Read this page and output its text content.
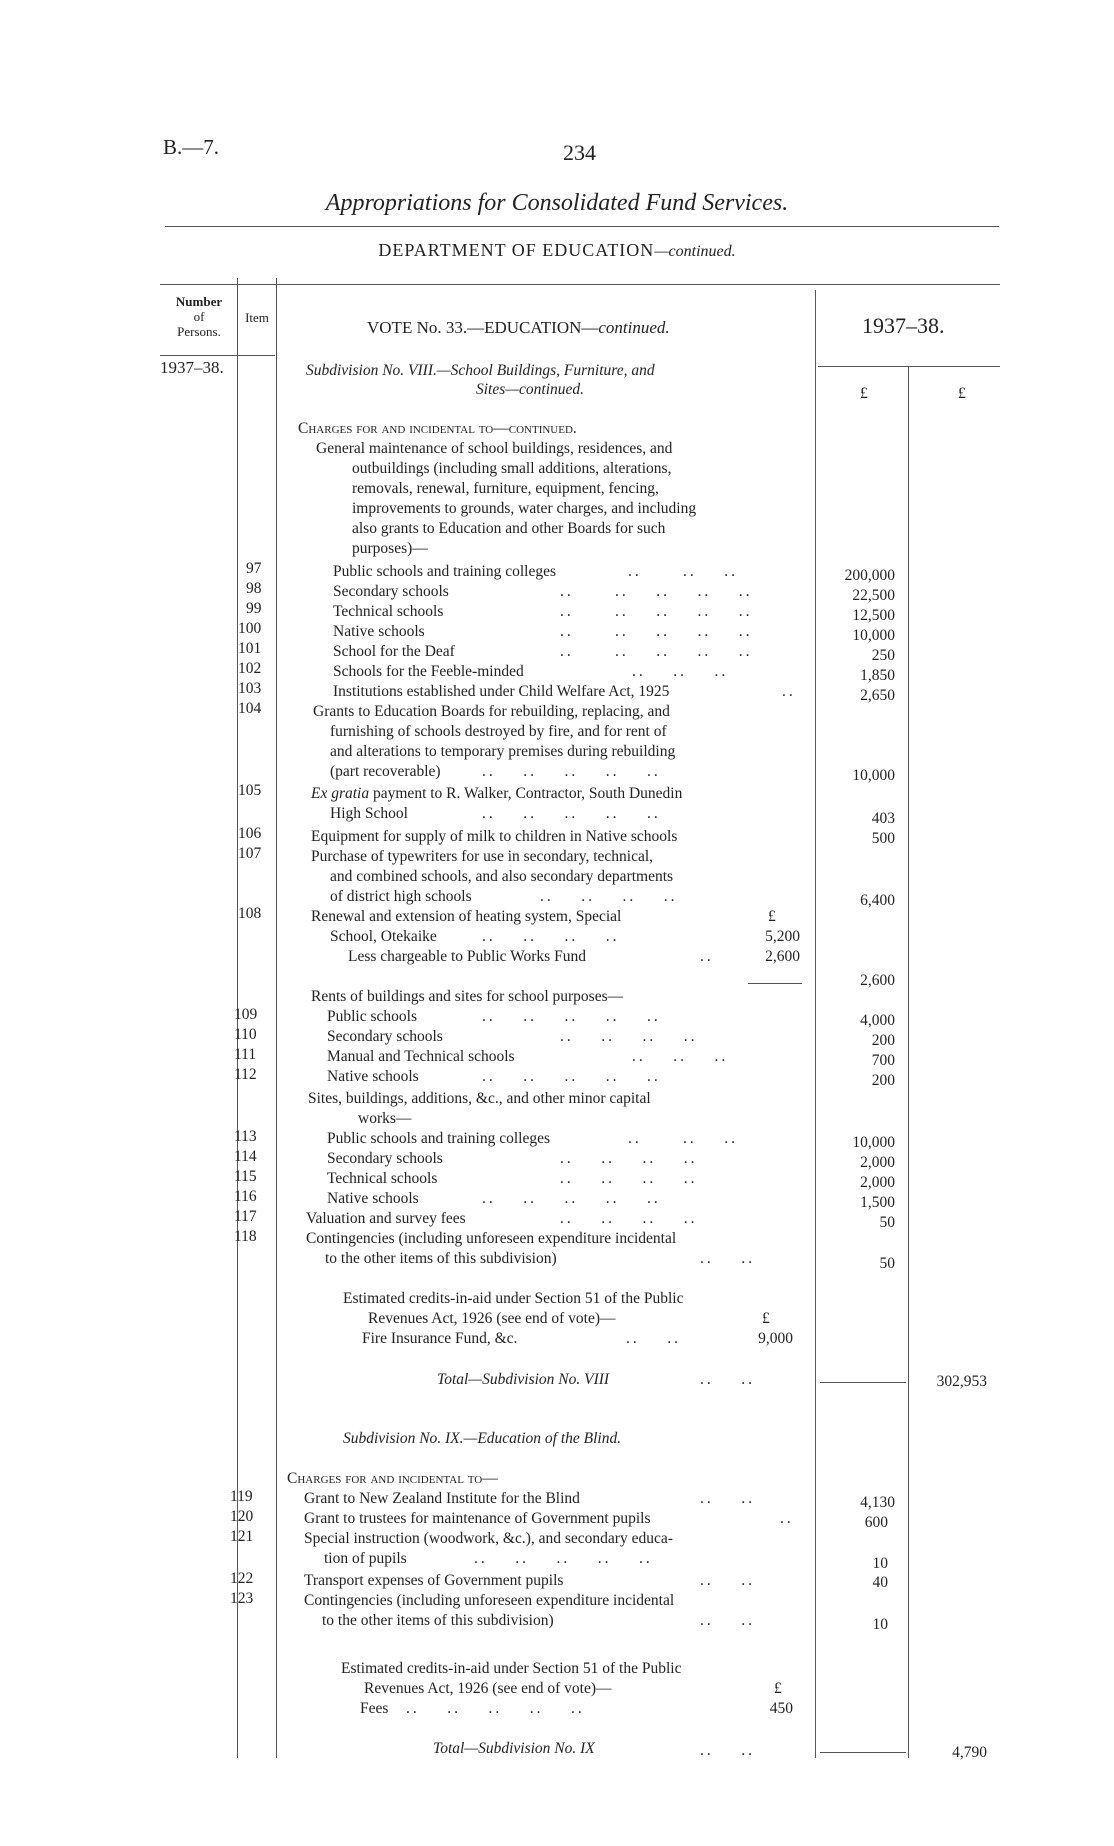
B.—7.	234
Appropriations for Consolidated Fund Services.
DEPARTMENT OF EDUCATION—continued.
Number
of
Persons.
Item
VOTE No. 33.—EDUCATION—continued.	1937–38.
1937–38.
£	£
Subdivision No. VIII.—School Buildings, Furniture, and
Sites—continued.
Charges for and incidental to—continued.
General maintenance of school buildings, residences, and
outbuildings (including small additions, alterations,
removals, renewal, furniture, equipment, fencing,
improvements to grounds, water charges, and including
also grants to Education and other Boards for such
purposes)—
97	Public schools and training colleges	..      ..    ..	200,000
98	Secondary schools	..      ..    ..    ..    ..	22,500
99	Technical schools	..      ..    ..    ..    ..	12,500
100	Native schools	..      ..    ..    ..    ..	10,000
101	School for the Deaf	..      ..    ..    ..    ..	250
102	Schools for the Feeble-minded	..    ..    ..	1,850
103	Institutions established under Child Welfare Act, 1925	..	2,650
104	Grants to Education Boards for rebuilding, replacing, and
furnishing of schools destroyed by fire, and for rent of
and alterations to temporary premises during rebuilding
(part recoverable)	..    ..    ..    ..    ..	10,000
105	Ex gratia payment to R. Walker, Contractor, South Dunedin
High School	..    ..    ..    ..    ..	403
106	Equipment for supply of milk to children in Native schools	500
107	Purchase of typewriters for use in secondary, technical,
and combined schools, and also secondary departments
of district high schools	..    ..    ..    ..	6,400
108	Renewal and extension of heating system, Special	£
School, Otekaike	..    ..    ..    ..	5,200
Less chargeable to Public Works Fund	..	2,600
2,600
Rents of buildings and sites for school purposes—
109	Public schools	..    ..    ..    ..    ..	4,000
110	Secondary schools	..    ..    ..    ..	200
111	Manual and Technical schools	..    ..    ..	700
112	Native schools	..    ..    ..    ..    ..	200
Sites, buildings, additions, &c., and other minor capital
works—
113	Public schools and training colleges	..      ..    ..	10,000
114	Secondary schools	..    ..    ..    ..	2,000
115	Technical schools	..    ..    ..    ..	2,000
116	Native schools	..    ..    ..    ..    ..	1,500
117	Valuation and survey fees	..    ..    ..    ..	50
118	Contingencies (including unforeseen expenditure incidental
to the other items of this subdivision)	..    ..	50
Estimated credits-in-aid under Section 51 of the Public
Revenues Act, 1926 (see end of vote)—	£
Fire Insurance Fund, &c.	..    ..	9,000
Total—Subdivision No. VIII	..    ..	302,953
Subdivision No. IX.—Education of the Blind.
Charges for and incidental to—
119	Grant to New Zealand Institute for the Blind	..    ..	4,130
120	Grant to trustees for maintenance of Government pupils	..	600
121	Special instruction (woodwork, &c.), and secondary educa-
tion of pupils	..    ..    ..    ..    ..	10
122	Transport expenses of Government pupils	..    ..	40
123	Contingencies (including unforeseen expenditure incidental
to the other items of this subdivision)	..    ..	10
Estimated credits-in-aid under Section 51 of the Public
Revenues Act, 1926 (see end of vote)—	£
Fees ..    ..    ..    ..    ..	450
Total—Subdivision No. IX	..    ..	4,790
